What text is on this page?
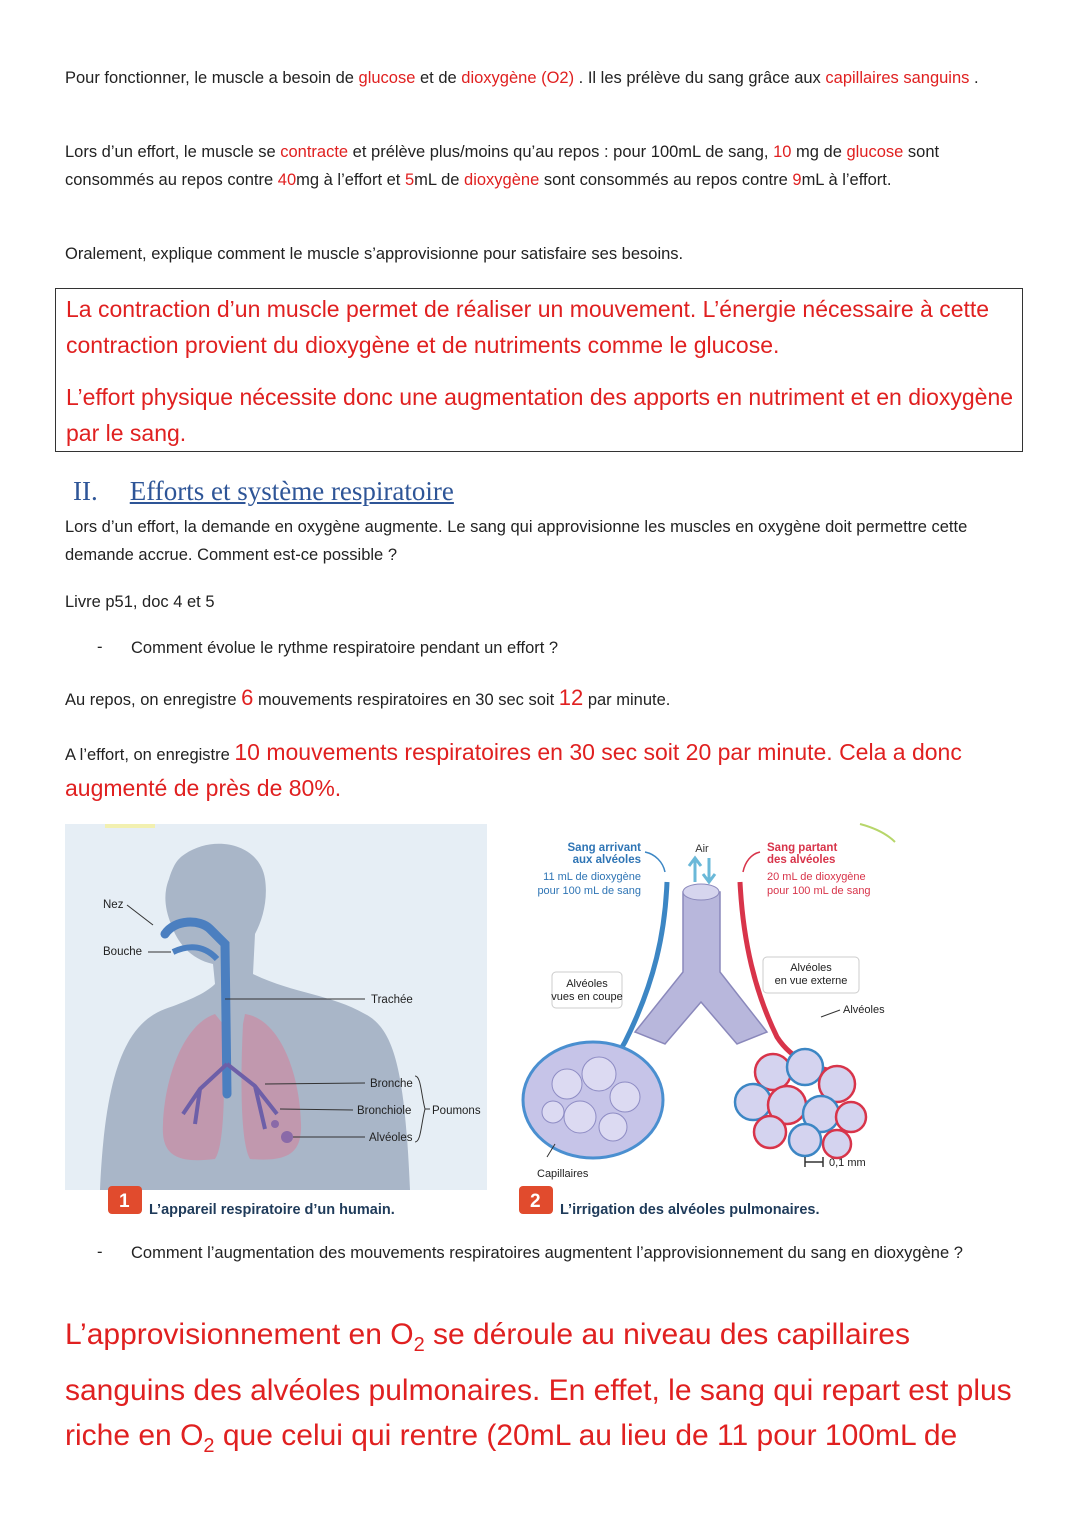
Pour fonctionner, le muscle a besoin de glucose et de dioxygène (O2) . Il les prélève du sang grâce aux capillaires sanguins .

Lors d’un effort, le muscle se contracte et prélève plus/moins qu’au repos : pour 100mL de sang, 10 mg de glucose sont consommés au repos contre 40mg à l’effort et 5mL de dioxygène sont consommés au repos contre 9mL à l’effort.

Oralement, explique comment le muscle s’approvisionne pour satisfaire ses besoins.

La contraction d’un muscle permet de réaliser un mouvement. L’énergie nécessaire à cette contraction provient du dioxygène et de nutriments comme le glucose.
L’effort physique nécessite donc une augmentation des apports en nutriment et en dioxygène par le sang.
II. Efforts et système respiratoire

Lors d’un effort, la demande en oxygène augmente. Le sang qui approvisionne les muscles en oxygène doit permettre cette demande accrue. Comment est-ce possible ?

Livre p51, doc 4 et 5

- Comment évolue le rythme respiratoire pendant un effort ?

Au repos, on enregistre 6 mouvements respiratoires en 30 sec soit 12 par minute.

A l’effort, on enregistre 10 mouvements respiratoires en 30 sec soit 20 par minute. Cela a donc augmenté de près de 80%.

Nez
Bouche
Trachée
Bronche
Bronchiole
Alvéoles
Poumons
1 L’appareil respiratoire d’un humain.
Sang arrivant
aux alvéoles
11 mL de dioxygène
pour 100 mL de sang
Air	Sang partant
des alvéoles
20 mL de dioxygène
pour 100 mL de sang
Alvéoles
vues en coupe
Alvéoles
en vue externe
Alvéoles
Capillaires
0,1 mm
2 L’irrigation des alvéoles pulmonaires.
- Comment l’augmentation des mouvements respiratoires augmentent l’approvisionnement du sang en dioxygène ?

L’approvisionnement en $O_2$ se déroule au niveau des capillaires sanguins des alvéoles pulmonaires. En effet, le sang qui repart est plus riche en $O_2$ que celui qui rentre (20mL au lieu de 11 pour 100mL de
